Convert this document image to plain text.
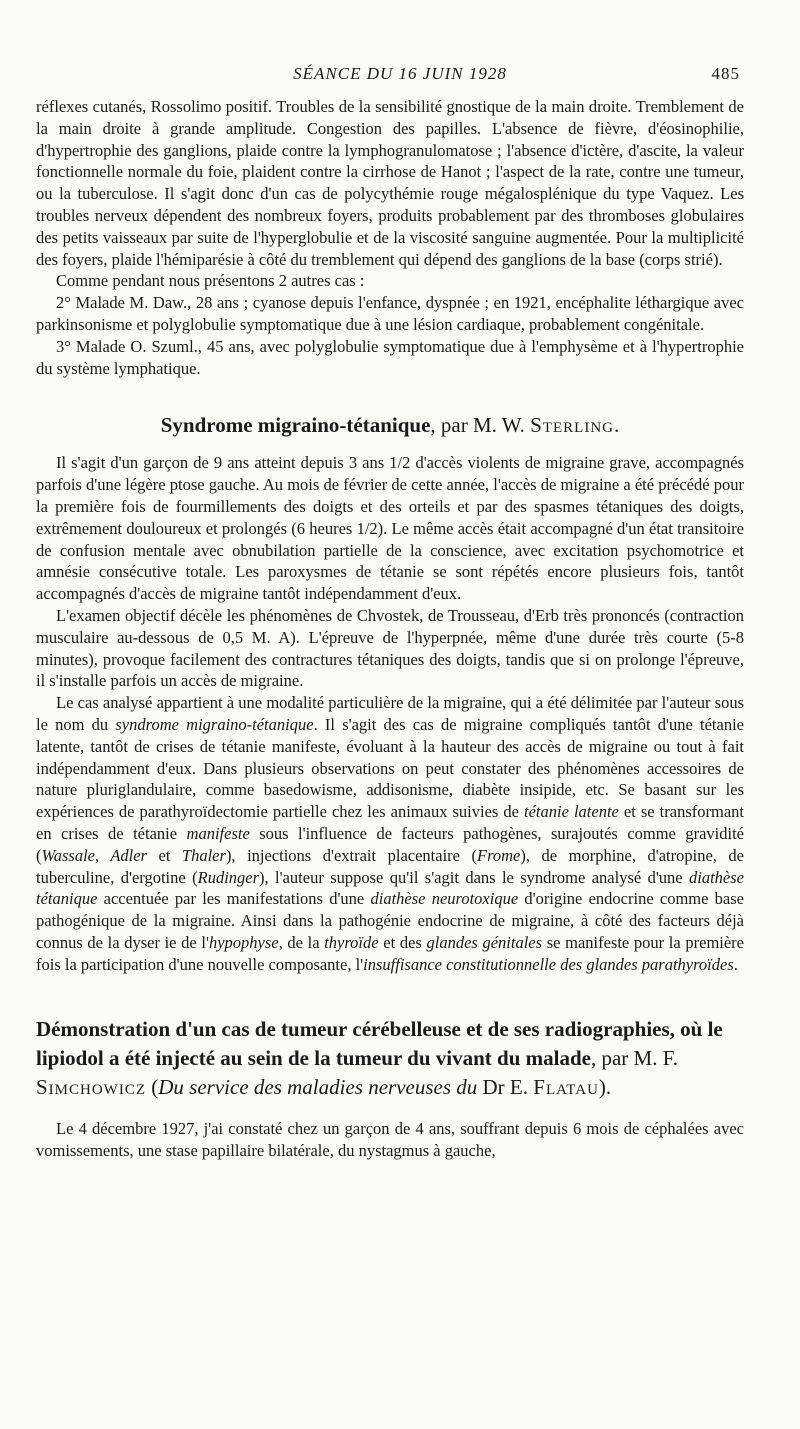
SÉANCE DU 16 JUIN 1928	485

réflexes cutanés, Rossolimo positif. Troubles de la sensibilité gnostique de la main droite. Tremblement de la main droite à grande amplitude. Congestion des papilles. L'absence de fièvre, d'éosinophilie, d'hypertrophie des ganglions, plaide contre la lymphogranulomatose ; l'absence d'ictère, d'ascite, la valeur fonctionnelle normale du foie, plaident contre la cirrhose de Hanot ; l'aspect de la rate, contre une tumeur, ou la tuberculose. Il s'agit donc d'un cas de polycythémie rouge mégalosplénique du type Vaquez. Les troubles nerveux dépendent des nombreux foyers, produits probablement par des thromboses globulaires des petits vaisseaux par suite de l'hyperglobulie et de la viscosité sanguine augmentée. Pour la multiplicité des foyers, plaide l'hémiparésie à côté du tremblement qui dépend des ganglions de la base (corps strié).

Comme pendant nous présentons 2 autres cas :

2° Malade M. Daw., 28 ans ; cyanose depuis l'enfance, dyspnée ; en 1921, encéphalite léthargique avec parkinsonisme et polyglobulie symptomatique due à une lésion cardiaque, probablement congénitale.

3° Malade O. Szuml., 45 ans, avec polyglobulie symptomatique due à l'emphysème et à l'hypertrophie du système lymphatique.

Syndrome migraino-tétanique, par M. W. Sterling.

Il s'agit d'un garçon de 9 ans atteint depuis 3 ans 1/2 d'accès violents de migraine grave, accompagnés parfois d'une légère ptose gauche. Au mois de février de cette année, l'accès de migraine a été précédé pour la première fois de fourmillements des doigts et des orteils et par des spasmes tétaniques des doigts, extrêmement douloureux et prolongés (6 heures 1/2). Le même accès était accompagné d'un état transitoire de confusion mentale avec obnubilation partielle de la conscience, avec excitation psychomotrice et amnésie consécutive totale. Les paroxysmes de tétanie se sont répétés encore plusieurs fois, tantôt accompagnés d'accès de migraine tantôt indépendamment d'eux.

L'examen objectif décèle les phénomènes de Chvostek, de Trousseau, d'Erb très prononcés (contraction musculaire au-dessous de 0,5 M. A). L'épreuve de l'hyperpnée, même d'une durée très courte (5-8 minutes), provoque facilement des contractures tétaniques des doigts, tandis que si on prolonge l'épreuve, il s'installe parfois un accès de migraine.

Le cas analysé appartient à une modalité particulière de la migraine, qui a été délimitée par l'auteur sous le nom du syndrome migraino-tétanique. Il s'agit des cas de migraine compliqués tantôt d'une tétanie latente, tantôt de crises de tétanie manifeste, évoluant à la hauteur des accès de migraine ou tout à fait indépendamment d'eux. Dans plusieurs observations on peut constater des phénomènes accessoires de nature pluriglandulaire, comme basedowisme, addisonisme, diabète insipide, etc. Se basant sur les expériences de parathyroïdectomie partielle chez les animaux suivies de tétanie latente et se transformant en crises de tétanie manifeste sous l'influence de facteurs pathogènes, surajoutés comme gravidité (Wassale, Adler et Thaler), injections d'extrait placentaire (Frome), de morphine, d'atropine, de tuberculine, d'ergotine (Rudinger), l'auteur suppose qu'il s'agit dans le syndrome analysé d'une diathèse tétanique accentuée par les manifestations d'une diathèse neurotoxique d'origine endocrine comme base pathogénique de la migraine. Ainsi dans la pathogénie endocrine de migraine, à côté des facteurs déjà connus de la dyser ie de l'hypophyse, de la thyroïde et des glandes génitales se manifeste pour la première fois la participation d'une nouvelle composante, l'insuffisance constitutionnelle des glandes parathyroïdes.

Démonstration d'un cas de tumeur cérébelleuse et de ses radiographies, où le lipiodol a été injecté au sein de la tumeur du vivant du malade, par M. F. Simchowicz (Du service des maladies nerveuses du Dr E. Flatau).

Le 4 décembre 1927, j'ai constaté chez un garçon de 4 ans, souffrant depuis 6 mois de céphalées avec vomissements, une stase papillaire bilatérale, du nystagmus à gauche,
